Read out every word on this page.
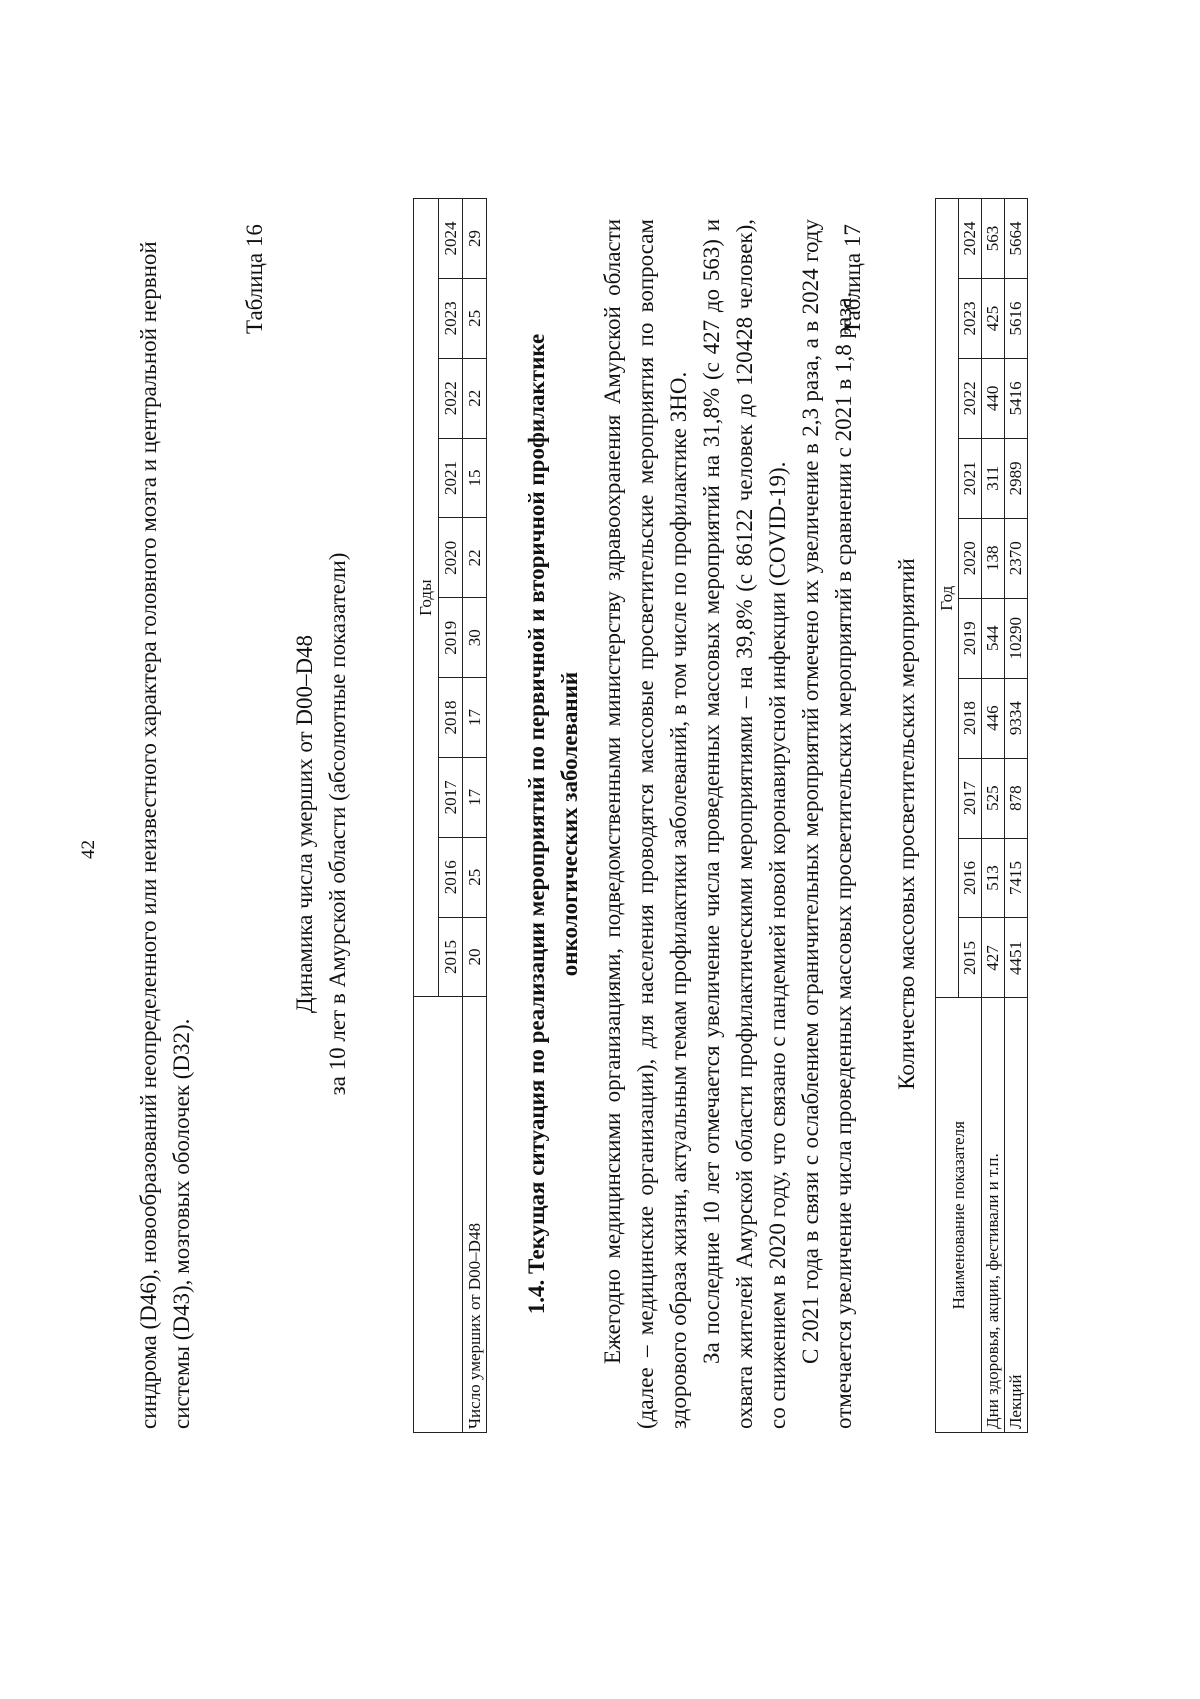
42 синдрома (D46), новообразований неопределенного или неизвестного характера головного мозга и центральной нервной системы (D43), мозговых оболочек (D32).
Таблица 16
Динамика числа умерших от D00–D48 за 10 лет в Амурской области (абсолютные показатели)
		Годы									
	2015	2016	2017	2018	2019	2020	2021	2022	2023	2024
Число умерших от D00–D48	20	25	17	17	30	22	15	22	25	29
1.4. Текущая ситуация по реализации мероприятий по первичной и вторичной профилактике онкологических заболеваний Ежегодно медицинскими организациями, подведомственными министерству здравоохранения Амурской области (далее – медицинские организации), для населения проводятся массовые просветительские мероприятия по вопросам здорового образа жизни, актуальным темам профилактики заболеваний, в том числе по профилактике ЗНО. За последние 10 лет отмечается увеличение числа проведенных массовых мероприятий на 31,8% (с 427 до 563) и охвата жителей Амурской области профилактическими мероприятиями – на 39,8% (с 86122 человек до 120428 человек), со снижением в 2020 году, что связано с пандемией новой коронавирусной инфекции (COVID-19). С 2021 года в связи с ослаблением ограничительных мероприятий отмечено их увеличение в 2,3 раза, а в 2024 году отмечается увеличение числа проведенных массовых просветительских мероприятий в сравнении с 2021 в 1,8 раза.
Таблица 17
Количество массовых просветительских мероприятий
Наименование показателя	Год									
	2015	2016	2017	2018	2019	2020	2021	2022	2023	2024
Дни здоровья, акции, фестивали и т.п.	427	513	525	446	544	138	311	440	425	563
Лекций	4451	7415	878	9334	10290	2370	2989	5416	5616	5664
